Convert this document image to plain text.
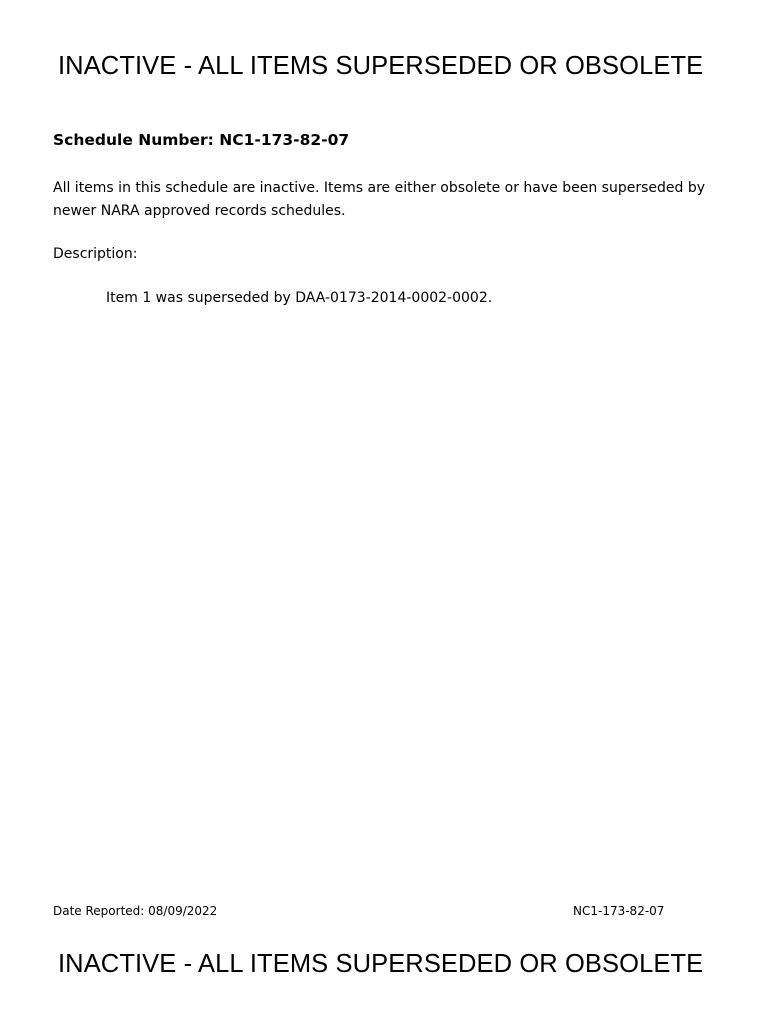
INACTIVE - ALL ITEMS SUPERSEDED OR OBSOLETE
Schedule Number: NC1-173-82-07
All items in this schedule are inactive. Items are either obsolete or have been superseded by newer NARA approved records schedules.
Description:
Item 1 was superseded by DAA-0173-2014-0002-0002.
Date Reported: 08/09/2022	NC1-173-82-07
INACTIVE - ALL ITEMS SUPERSEDED OR OBSOLETE
